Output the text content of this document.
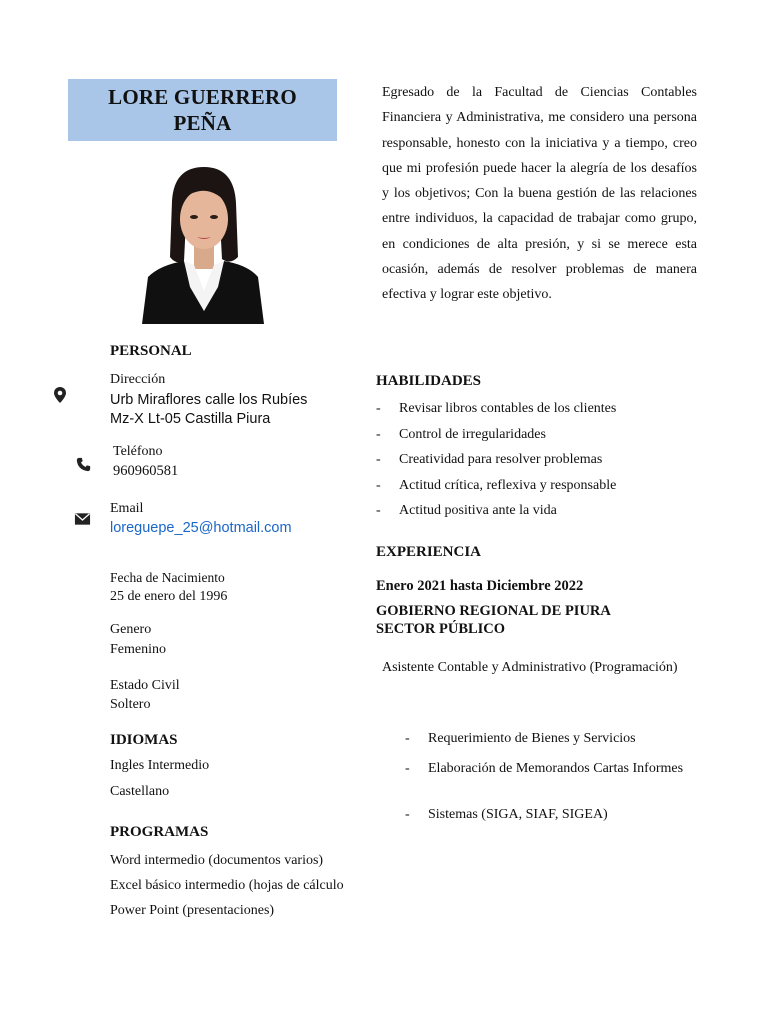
LORE GUERRERO
PEÑA
Egresado de la Facultad de Ciencias Contables Financiera y Administrativa, me considero una persona responsable, honesto con la iniciativa y a tiempo, creo que mi profesión puede hacer la alegría de los desafíos y los objetivos; Con la buena gestión de las relaciones entre individuos, la capacidad de trabajar como grupo, en condiciones de alta presión, y si se merece esta ocasión, además de resolver problemas de manera efectiva y lograr este objetivo.
PERSONAL
Dirección
Urb Miraflores calle los Rubíes
Mz-X Lt-05 Castilla Piura
Teléfono
960960581
Email
loreguepe_25@hotmail.com
Fecha de Nacimiento
25 de enero del 1996
Genero
Femenino
Estado Civil
Soltero
IDIOMAS
Ingles Intermedio
Castellano
PROGRAMAS
Word intermedio (documentos varios)
Excel básico intermedio (hojas de cálculo
Power Point (presentaciones)
HABILIDADES
- Revisar libros contables de los clientes
- Control de irregularidades
- Creatividad para resolver problemas
- Actitud crítica, reflexiva y responsable
- Actitud positiva ante la vida
EXPERIENCIA
Enero 2021 hasta Diciembre 2022
GOBIERNO REGIONAL DE PIURA
SECTOR PÚBLICO
Asistente Contable y Administrativo (Programación)
-	Requerimiento de Bienes y Servicios
-	Elaboración de Memorandos Cartas Informes
-	Sistemas (SIGA, SIAF, SIGEA)
